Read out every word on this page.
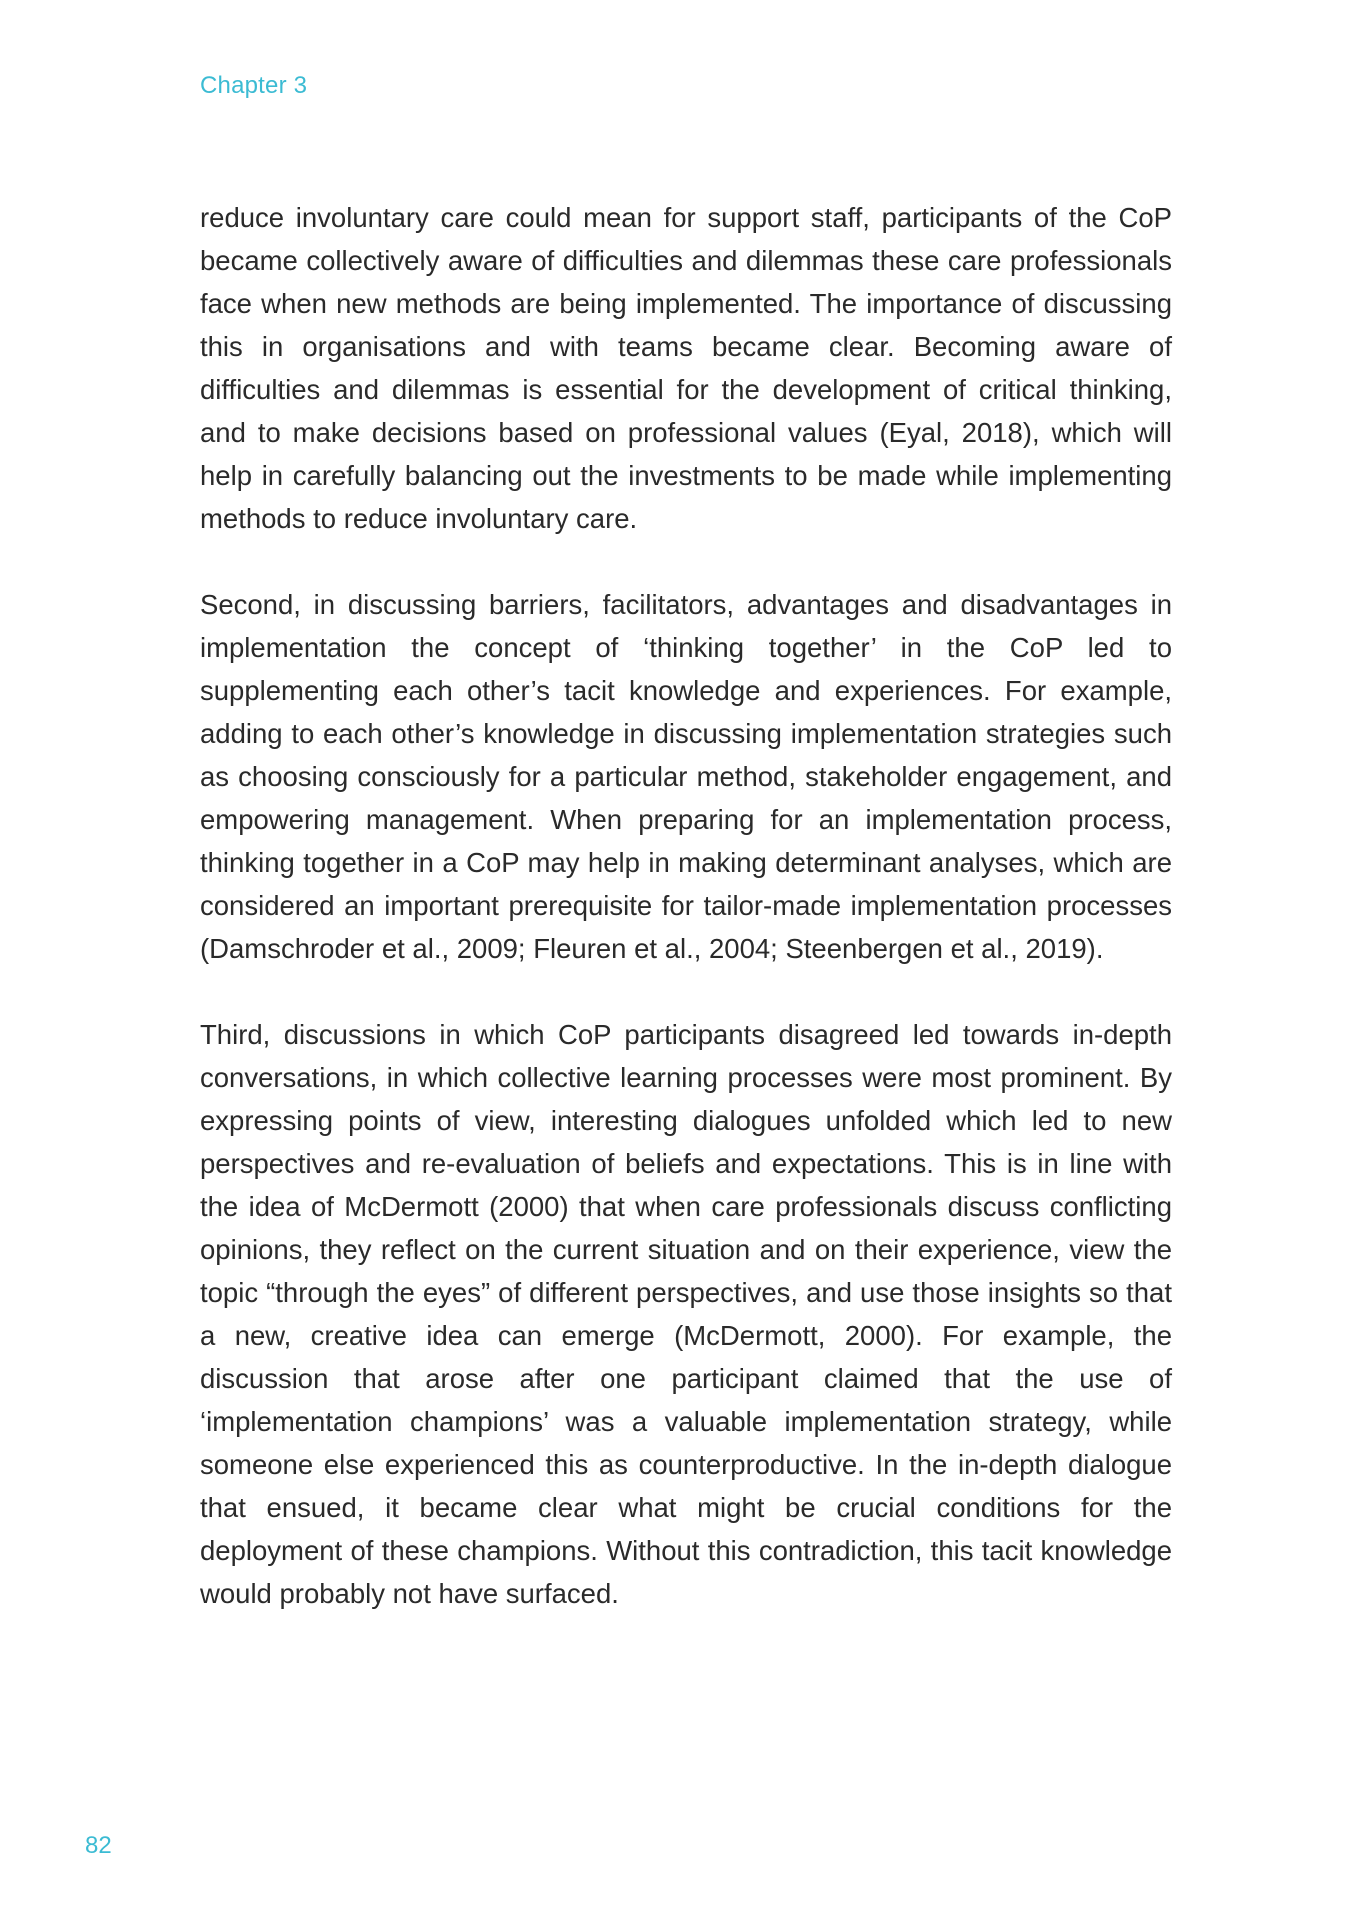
Chapter 3

reduce involuntary care could mean for support staff, participants of the CoP became collectively aware of difficulties and dilemmas these care professionals face when new methods are being implemented. The importance of discussing this in organisations and with teams became clear. Becoming aware of difficulties and dilemmas is essential for the development of critical thinking, and to make decisions based on professional values (Eyal, 2018), which will help in carefully balancing out the investments to be made while implementing methods to reduce involuntary care.

Second, in discussing barriers, facilitators, advantages and disadvantages in implementation the concept of ‘thinking together’ in the CoP led to supplementing each other’s tacit knowledge and experiences. For example, adding to each other’s knowledge in discussing implementation strategies such as choosing consciously for a particular method, stakeholder engagement, and empowering management. When preparing for an implementation process, thinking together in a CoP may help in making determinant analyses, which are considered an important prerequisite for tailor-made implementation processes (Damschroder et al., 2009; Fleuren et al., 2004; Steenbergen et al., 2019).

Third, discussions in which CoP participants disagreed led towards in-depth conversations, in which collective learning processes were most prominent. By expressing points of view, interesting dialogues unfolded which led to new perspectives and re-evaluation of beliefs and expectations. This is in line with the idea of McDermott (2000) that when care professionals discuss conflicting opinions, they reflect on the current situation and on their experience, view the topic “through the eyes” of different perspectives, and use those insights so that a new, creative idea can emerge (McDermott, 2000). For example, the discussion that arose after one participant claimed that the use of ‘implementation champions’ was a valuable implementation strategy, while someone else experienced this as counterproductive. In the in-depth dialogue that ensued, it became clear what might be crucial conditions for the deployment of these champions. Without this contradiction, this tacit knowledge would probably not have surfaced.

82
